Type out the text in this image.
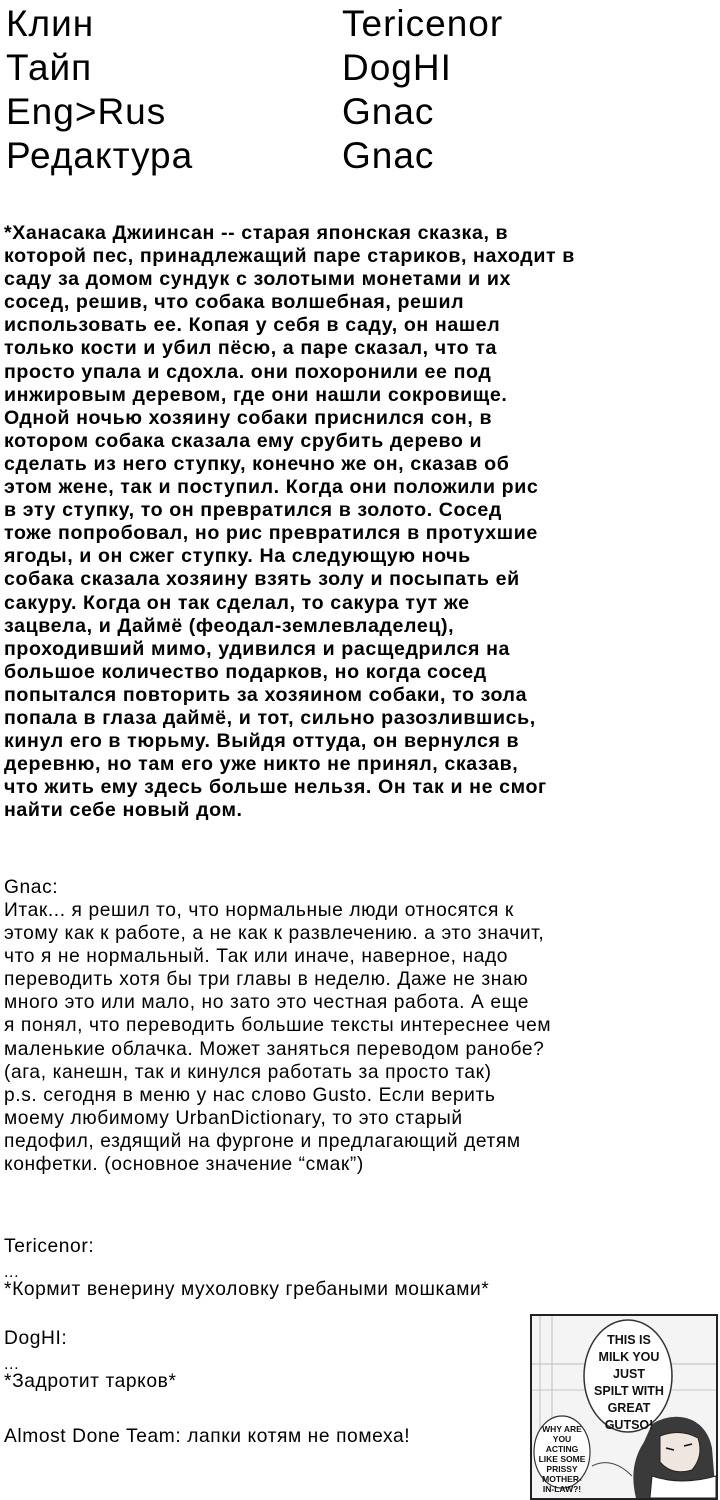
Клин	Tericenor
Тайп	DogHI
Eng>Rus	Gnac
Редактура	Gnac
*Ханасака Джиинсан -- старая японская сказка, в
которой пес, принадлежащий паре стариков, находит в
саду за домом сундук с золотыми монетами и их
сосед, решив, что собака волшебная, решил
использовать ее. Копая у себя в саду, он нашел
только кости и убил пёсю, а паре сказал, что та
просто упала и сдохла. они похоронили ее под
инжировым деревом, где они нашли сокровище.
Одной ночью хозяину собаки приснился сон, в
котором собака сказала ему срубить дерево и
сделать из него ступку, конечно же он, сказав об
этом жене, так и поступил. Когда они положили рис
в эту ступку, то он превратился в золото. Сосед
тоже попробовал, но рис превратился в протухшие
ягоды, и он сжег ступку. На следующую ночь
собака сказала хозяину взять золу и посыпать ей
сакуру. Когда он так сделал, то сакура тут же
зацвела, и Даймё (феодал-землевладелец),
проходивший мимо, удивился и расщедрился на
большое количество подарков, но когда сосед
попытался повторить за хозяином собаки, то зола
попала в глаза даймё, и тот, сильно разозлившись,
кинул его в тюрьму. Выйдя оттуда, он вернулся в
деревню, но там его уже никто не принял, сказав,
что жить ему здесь больше нельзя. Он так и не смог
найти себе новый дом.
Gnac:
Итак... я решил то, что нормальные люди относятся к
этому как к работе, а не как к развлечению. а это значит,
что я не нормальный. Так или иначе, наверное, надо
переводить хотя бы три главы в неделю. Даже не знаю
много это или мало, но зато это честная работа. А еще
я понял, что переводить большие тексты интереснее чем
маленькие облачка. Может заняться переводом ранобе?
(ага, канешн, так и кинулся работать за просто так)
p.s. сегодня в меню у нас слово Gusto. Если верить
моему любимому UrbanDictionary, то это старый
педофил, ездящий на фургоне и предлагающий детям
конфетки. (основное значение “смак”)
Tericenor:
...
*Кормит венерину мухоловку гребаными мошками*
DogHI:
...
*Задротит тарков*
Almost Done Team: лапки котям не помеха!
THIS IS
MILK YOU
JUST
SPILT WITH
GREAT
GUTSO!
WHY ARE
YOU ACTING
LIKE SOME
PRISSY
MOTHER-
IN-LAW?!
